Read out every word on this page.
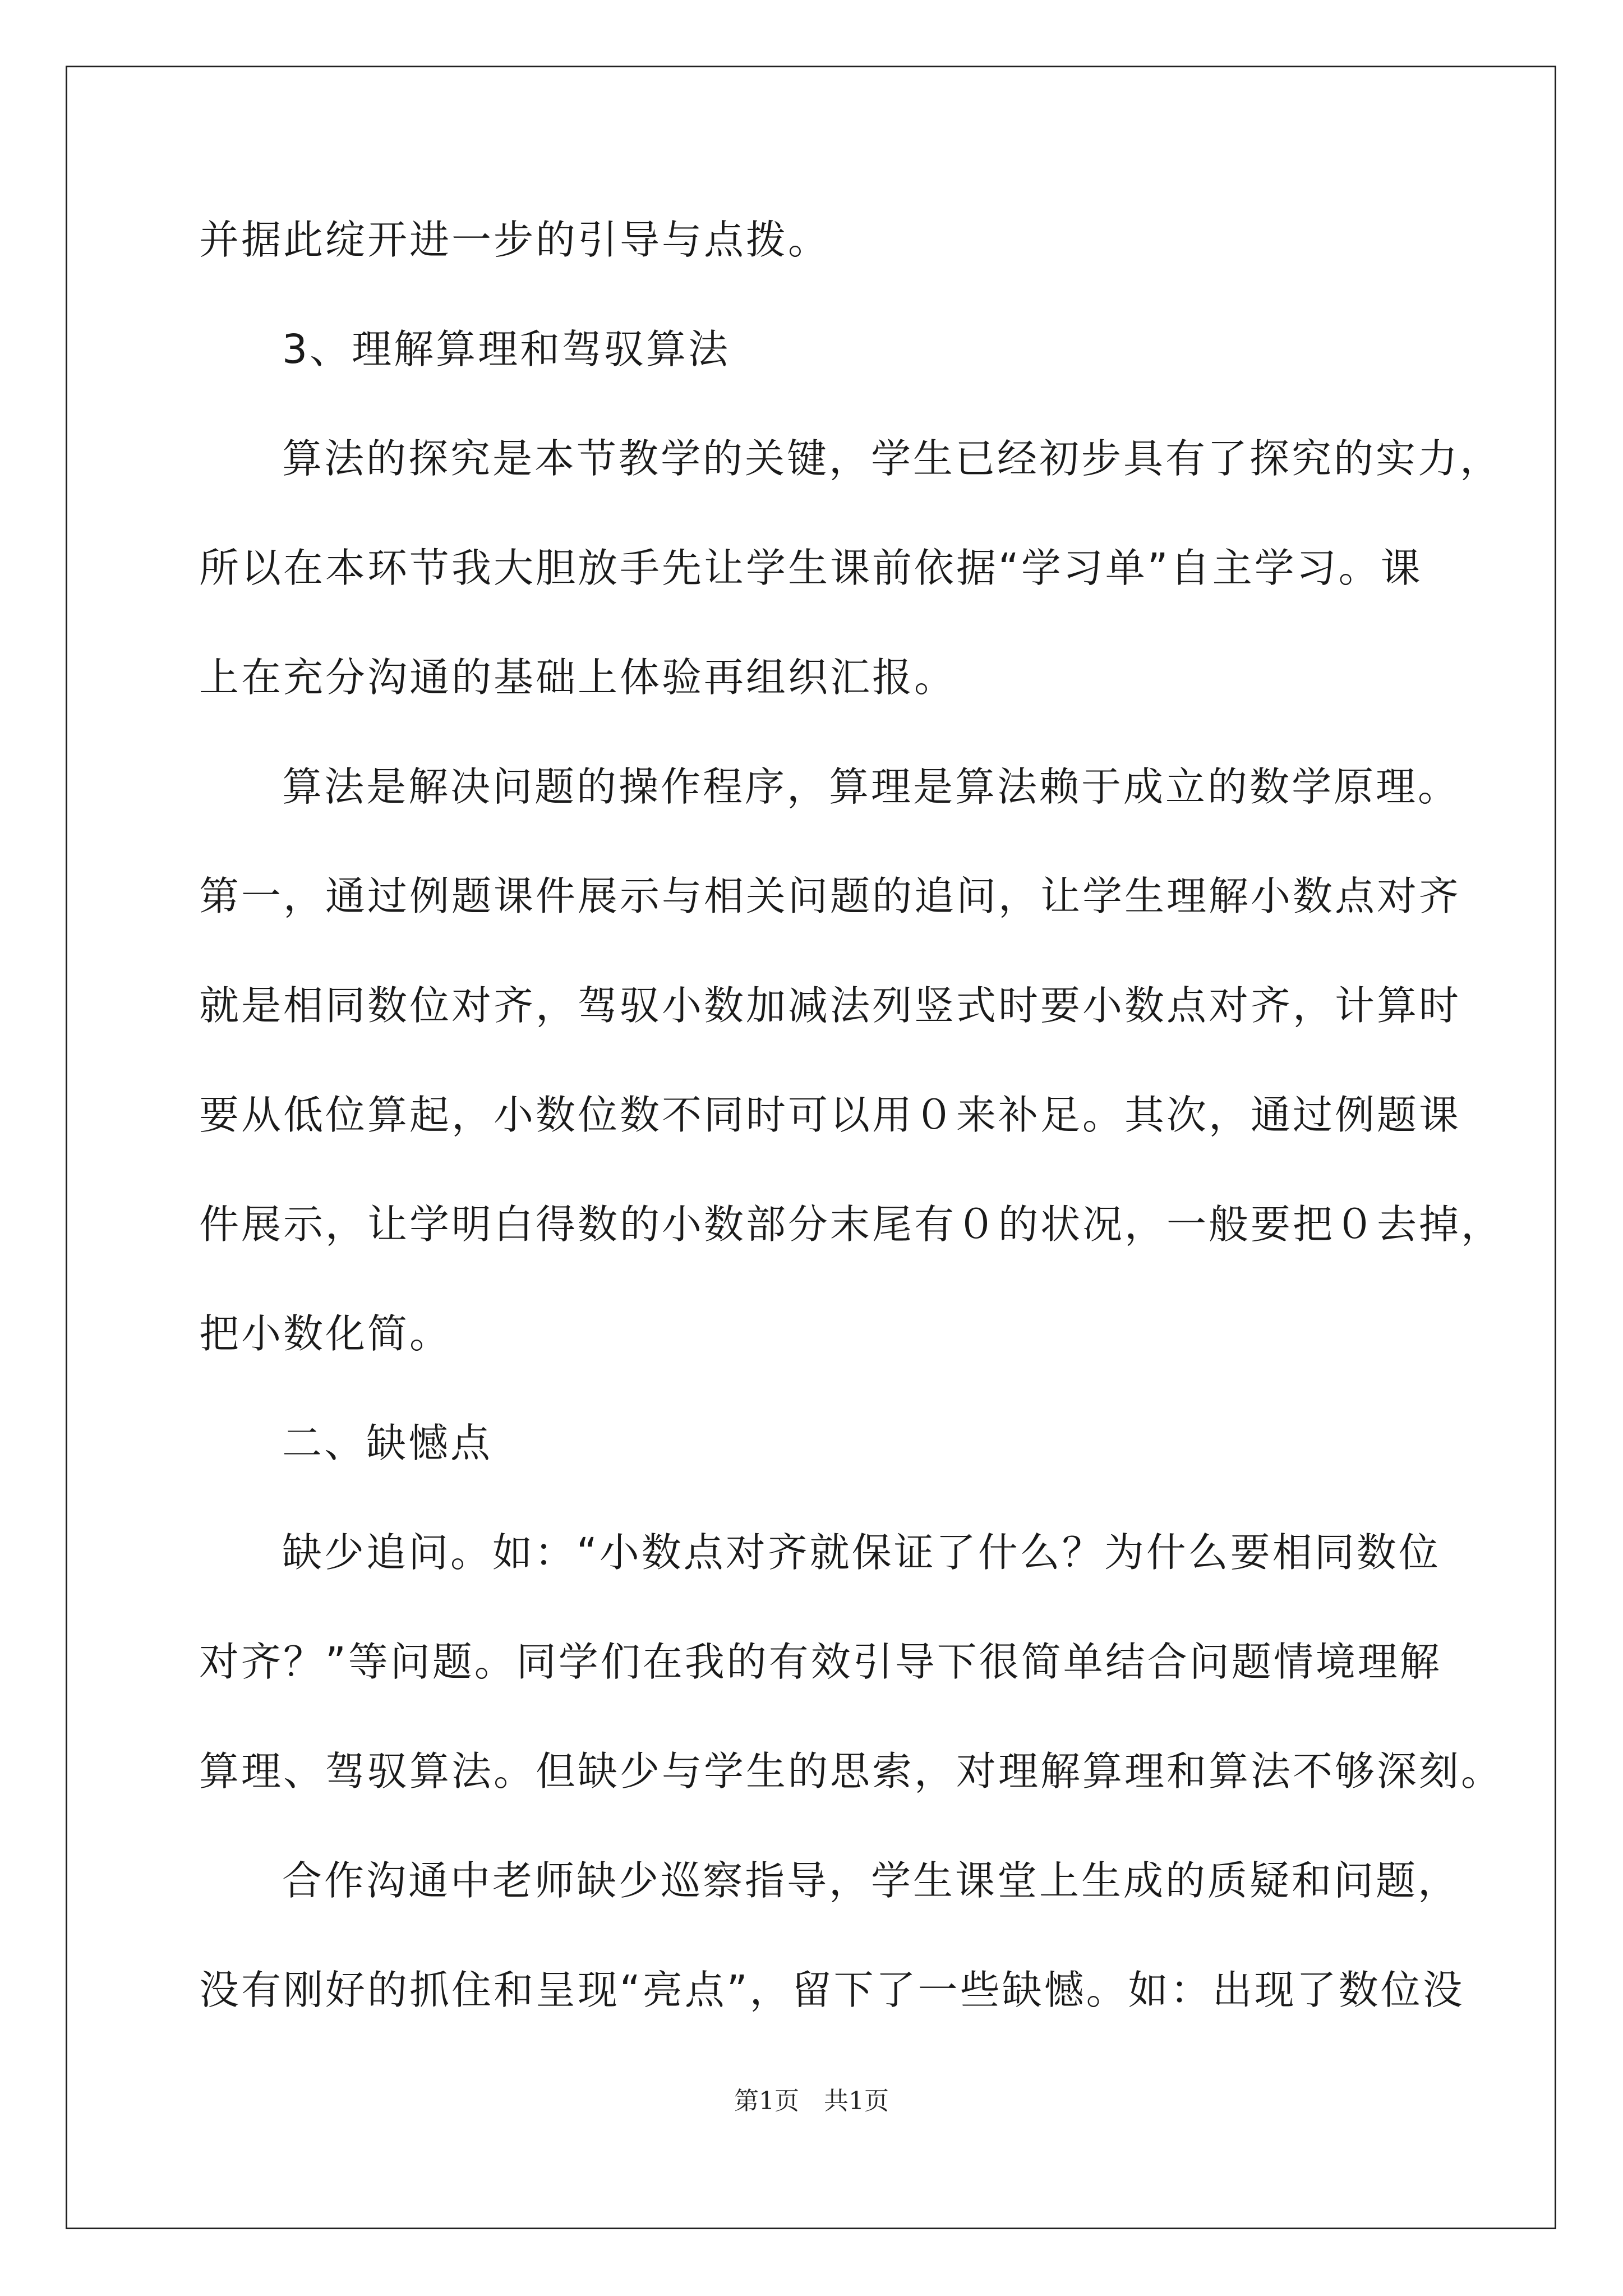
并据此绽开进一步的引导与点拨。
3、理解算理和驾驭算法
算法的探究是本节教学的关键，学生已经初步具有了探究的实力，
所以在本环节我大胆放手先让学生课前依据“学习单”自主学习。课
上在充分沟通的基础上体验再组织汇报。
算法是解决问题的操作程序，算理是算法赖于成立的数学原理。
第一，通过例题课件展示与相关问题的追问，让学生理解小数点对齐
就是相同数位对齐，驾驭小数加减法列竖式时要小数点对齐，计算时
要从低位算起，小数位数不同时可以用０来补足。其次，通过例题课
件展示，让学明白得数的小数部分末尾有０的状况，一般要把０去掉，
把小数化简。
二、缺憾点
缺少追问。如：“小数点对齐就保证了什么？为什么要相同数位
对齐？”等问题。同学们在我的有效引导下很简单结合问题情境理解
算理、驾驭算法。但缺少与学生的思索，对理解算理和算法不够深刻。
合作沟通中老师缺少巡察指导，学生课堂上生成的质疑和问题，
没有刚好的抓住和呈现“亮点”，留下了一些缺憾。如：出现了数位没
第1页　共1页
